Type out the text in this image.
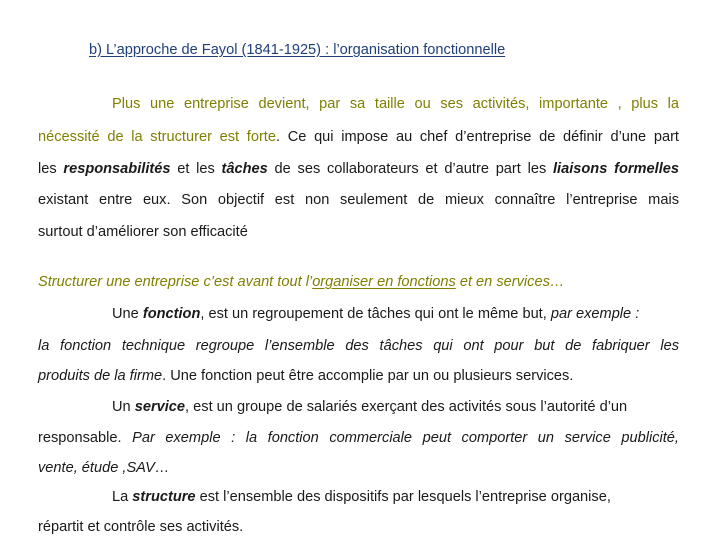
b) L’approche de Fayol (1841-1925) : l’organisation fonctionnelle
Plus une entreprise devient, par sa taille ou ses activités, importante , plus la
nécessité de la structurer est forte. Ce qui impose au chef d’entreprise de définir d’une part
les responsabilités et les tâches de ses collaborateurs et d’autre part les liaisons formelles
existant entre eux. Son objectif est non seulement de mieux connaître l’entreprise mais
surtout d’améliorer son efficacité
Structurer une entreprise c’est avant tout l’organiser en fonctions et en services…
Une fonction, est un regroupement de tâches qui ont le même but, par exemple :
la fonction technique regroupe l’ensemble des tâches qui ont pour but de fabriquer les
produits de la firme. Une fonction peut être accomplie par un ou plusieurs services.
Un service, est un groupe de salariés exerçant des activités sous l’autorité d’un
responsable. Par exemple : la fonction commerciale peut comporter un service publicité,
vente, étude ,SAV…
La structure est l’ensemble des dispositifs par lesquels l’entreprise organise,
répartit et contrôle ses activités.
